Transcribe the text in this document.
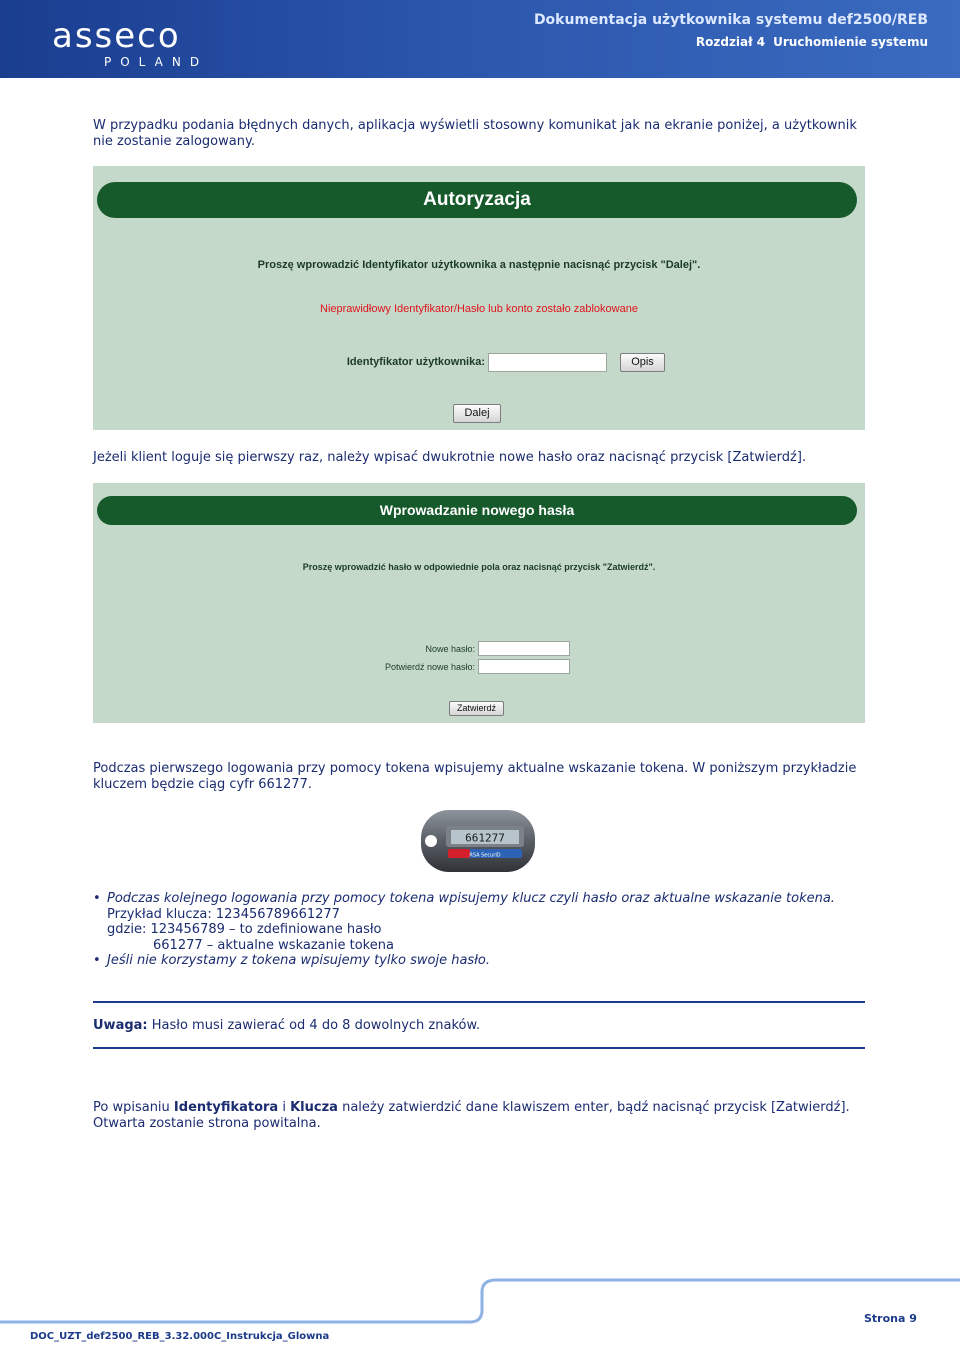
asseco
POLAND
Dokumentacja użytkownika systemu def2500/REB
Rozdział 4 Uruchomienie systemu

W przypadku podania błędnych danych, aplikacja wyświetli stosowny komunikat jak na ekranie poniżej, a użytkownik nie zostanie zalogowany.

Autoryzacja
Proszę wprowadzić Identyfikator użytkownika a następnie nacisnąć przycisk "Dalej".
Nieprawidłowy Identyfikator/Hasło lub konto zostało zablokowane
Identyfikator użytkownika:	Opis
Dalej

Jeżeli klient loguje się pierwszy raz, należy wpisać dwukrotnie nowe hasło oraz nacisnąć przycisk [Zatwierdź].

Wprowadzanie nowego hasła
Proszę wprowadzić hasło w odpowiednie pola oraz nacisnąć przycisk "Zatwierdź".
Nowe hasło:
Potwierdź nowe hasło:
Zatwierdź

Podczas pierwszego logowania przy pomocy tokena wpisujemy aktualne wskazanie tokena. W poniższym przykładzie kluczem będzie ciąg cyfr 661277.

661277
RSA SecurID
• Podczas kolejnego logowania przy pomocy tokena wpisujemy klucz czyli hasło oraz aktualne wskazanie tokena.
Przykład klucza: 123456789661277
gdzie: 123456789 – to zdefiniowane hasło
661277 – aktualne wskazanie tokena
• Jeśli nie korzystamy z tokena wpisujemy tylko swoje hasło.

Uwaga: Hasło musi zawierać od 4 do 8 dowolnych znaków.

Po wpisaniu Identyfikatora i Klucza należy zatwierdzić dane klawiszem enter, bądź nacisnąć przycisk [Zatwierdź]. Otwarta zostanie strona powitalna.

Strona 9
DOC_UZT_def2500_REB_3.32.000C_Instrukcja_Glowna
